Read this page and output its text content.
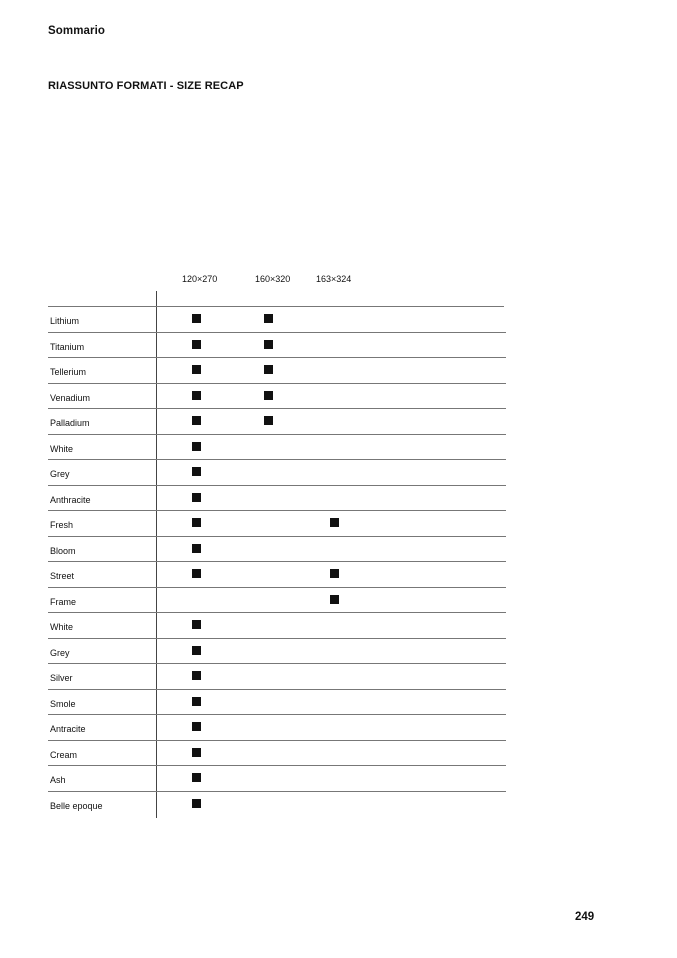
Sommario
RIASSUNTO FORMATI - SIZE RECAP
120×270	160×320	163×324
Lithium
Titanium
Tellerium
Venadium
Palladium
White
Grey
Anthracite
Fresh
Bloom
Street
Frame
White
Grey
Silver
Smole
Antracite
Cream
Ash
Belle epoque
249
